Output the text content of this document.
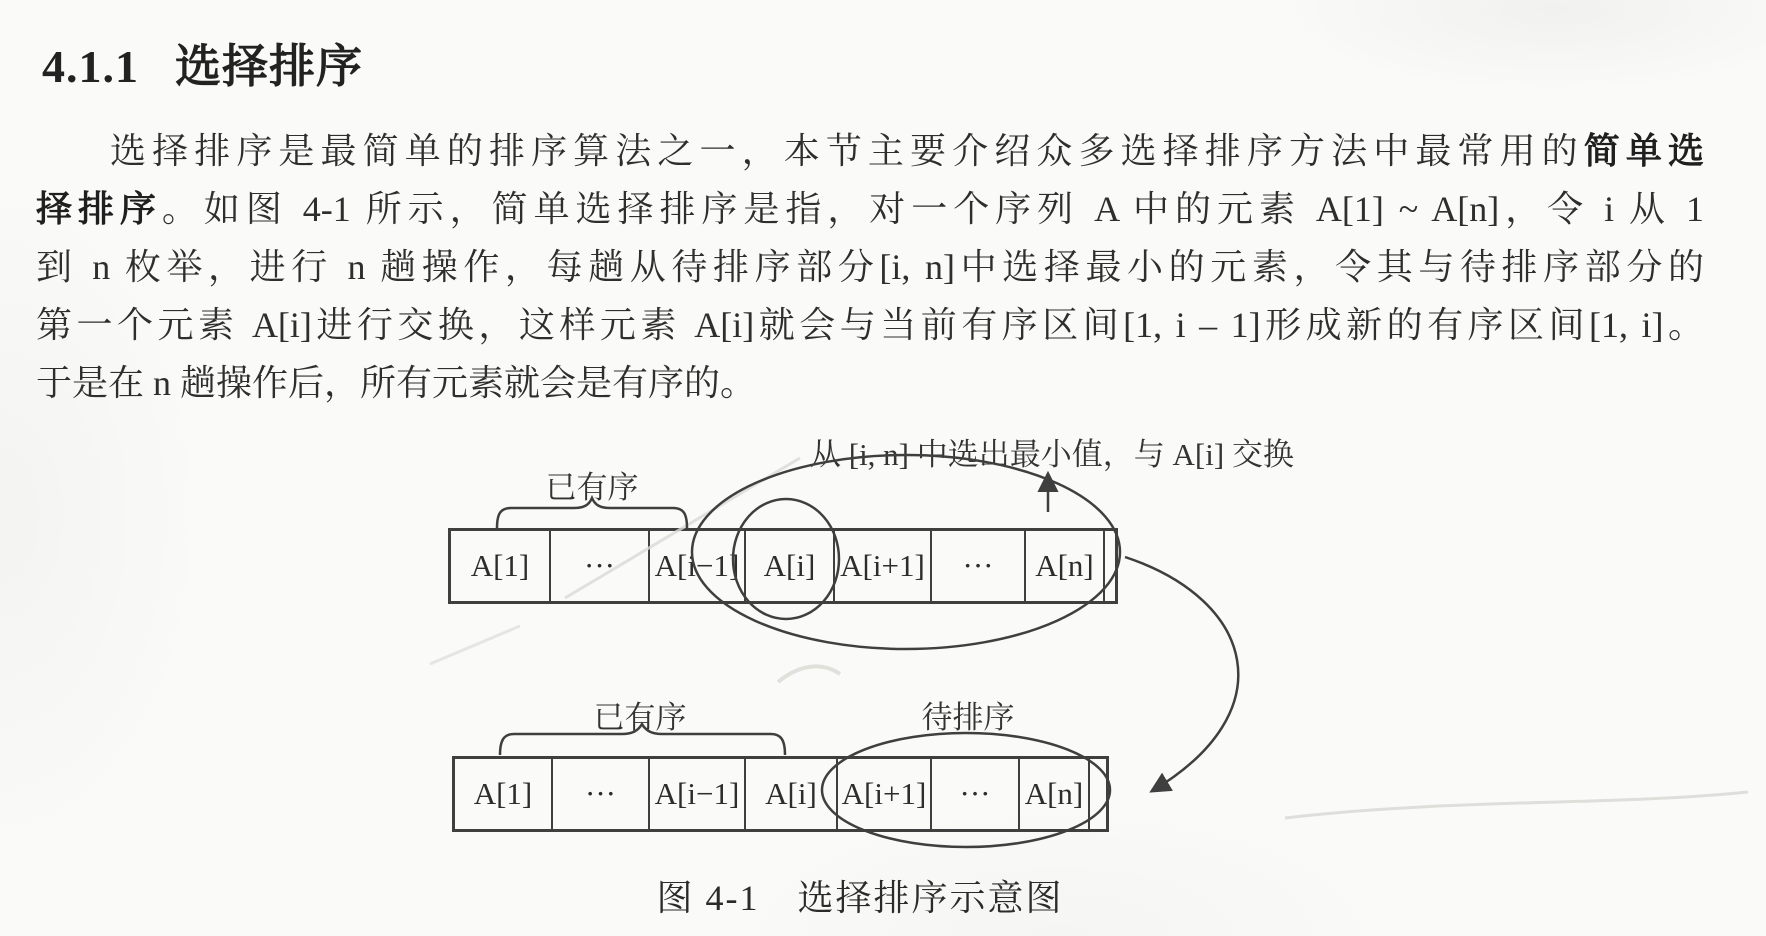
4.1.1 选择排序
选择排序是最简单的排序算法之一，本节主要介绍众多选择排序方法中最常用的简单选
择排序。如图 4-1 所示，简单选择排序是指，对一个序列 A 中的元素 A[1] ~ A[n]，令 i 从 1
到 n 枚举，进行 n 趟操作，每趟从待排序部分[i, n]中选择最小的元素，令其与待排序部分的
第一个元素 A[i]进行交换，这样元素 A[i]就会与当前有序区间[1, i – 1]形成新的有序区间[1, i]。
于是在 n 趟操作后，所有元素就会是有序的。
从 [i, n] 中选出最小值，与 A[i] 交换
已有序
已有序	待排序
A[1]	···	A[i−1] A[i] A[i+1]	···	A[n]
A[1]	···	A[i−1] A[i] A[i+1]	···	A[n]
图 4-1　选择排序示意图
